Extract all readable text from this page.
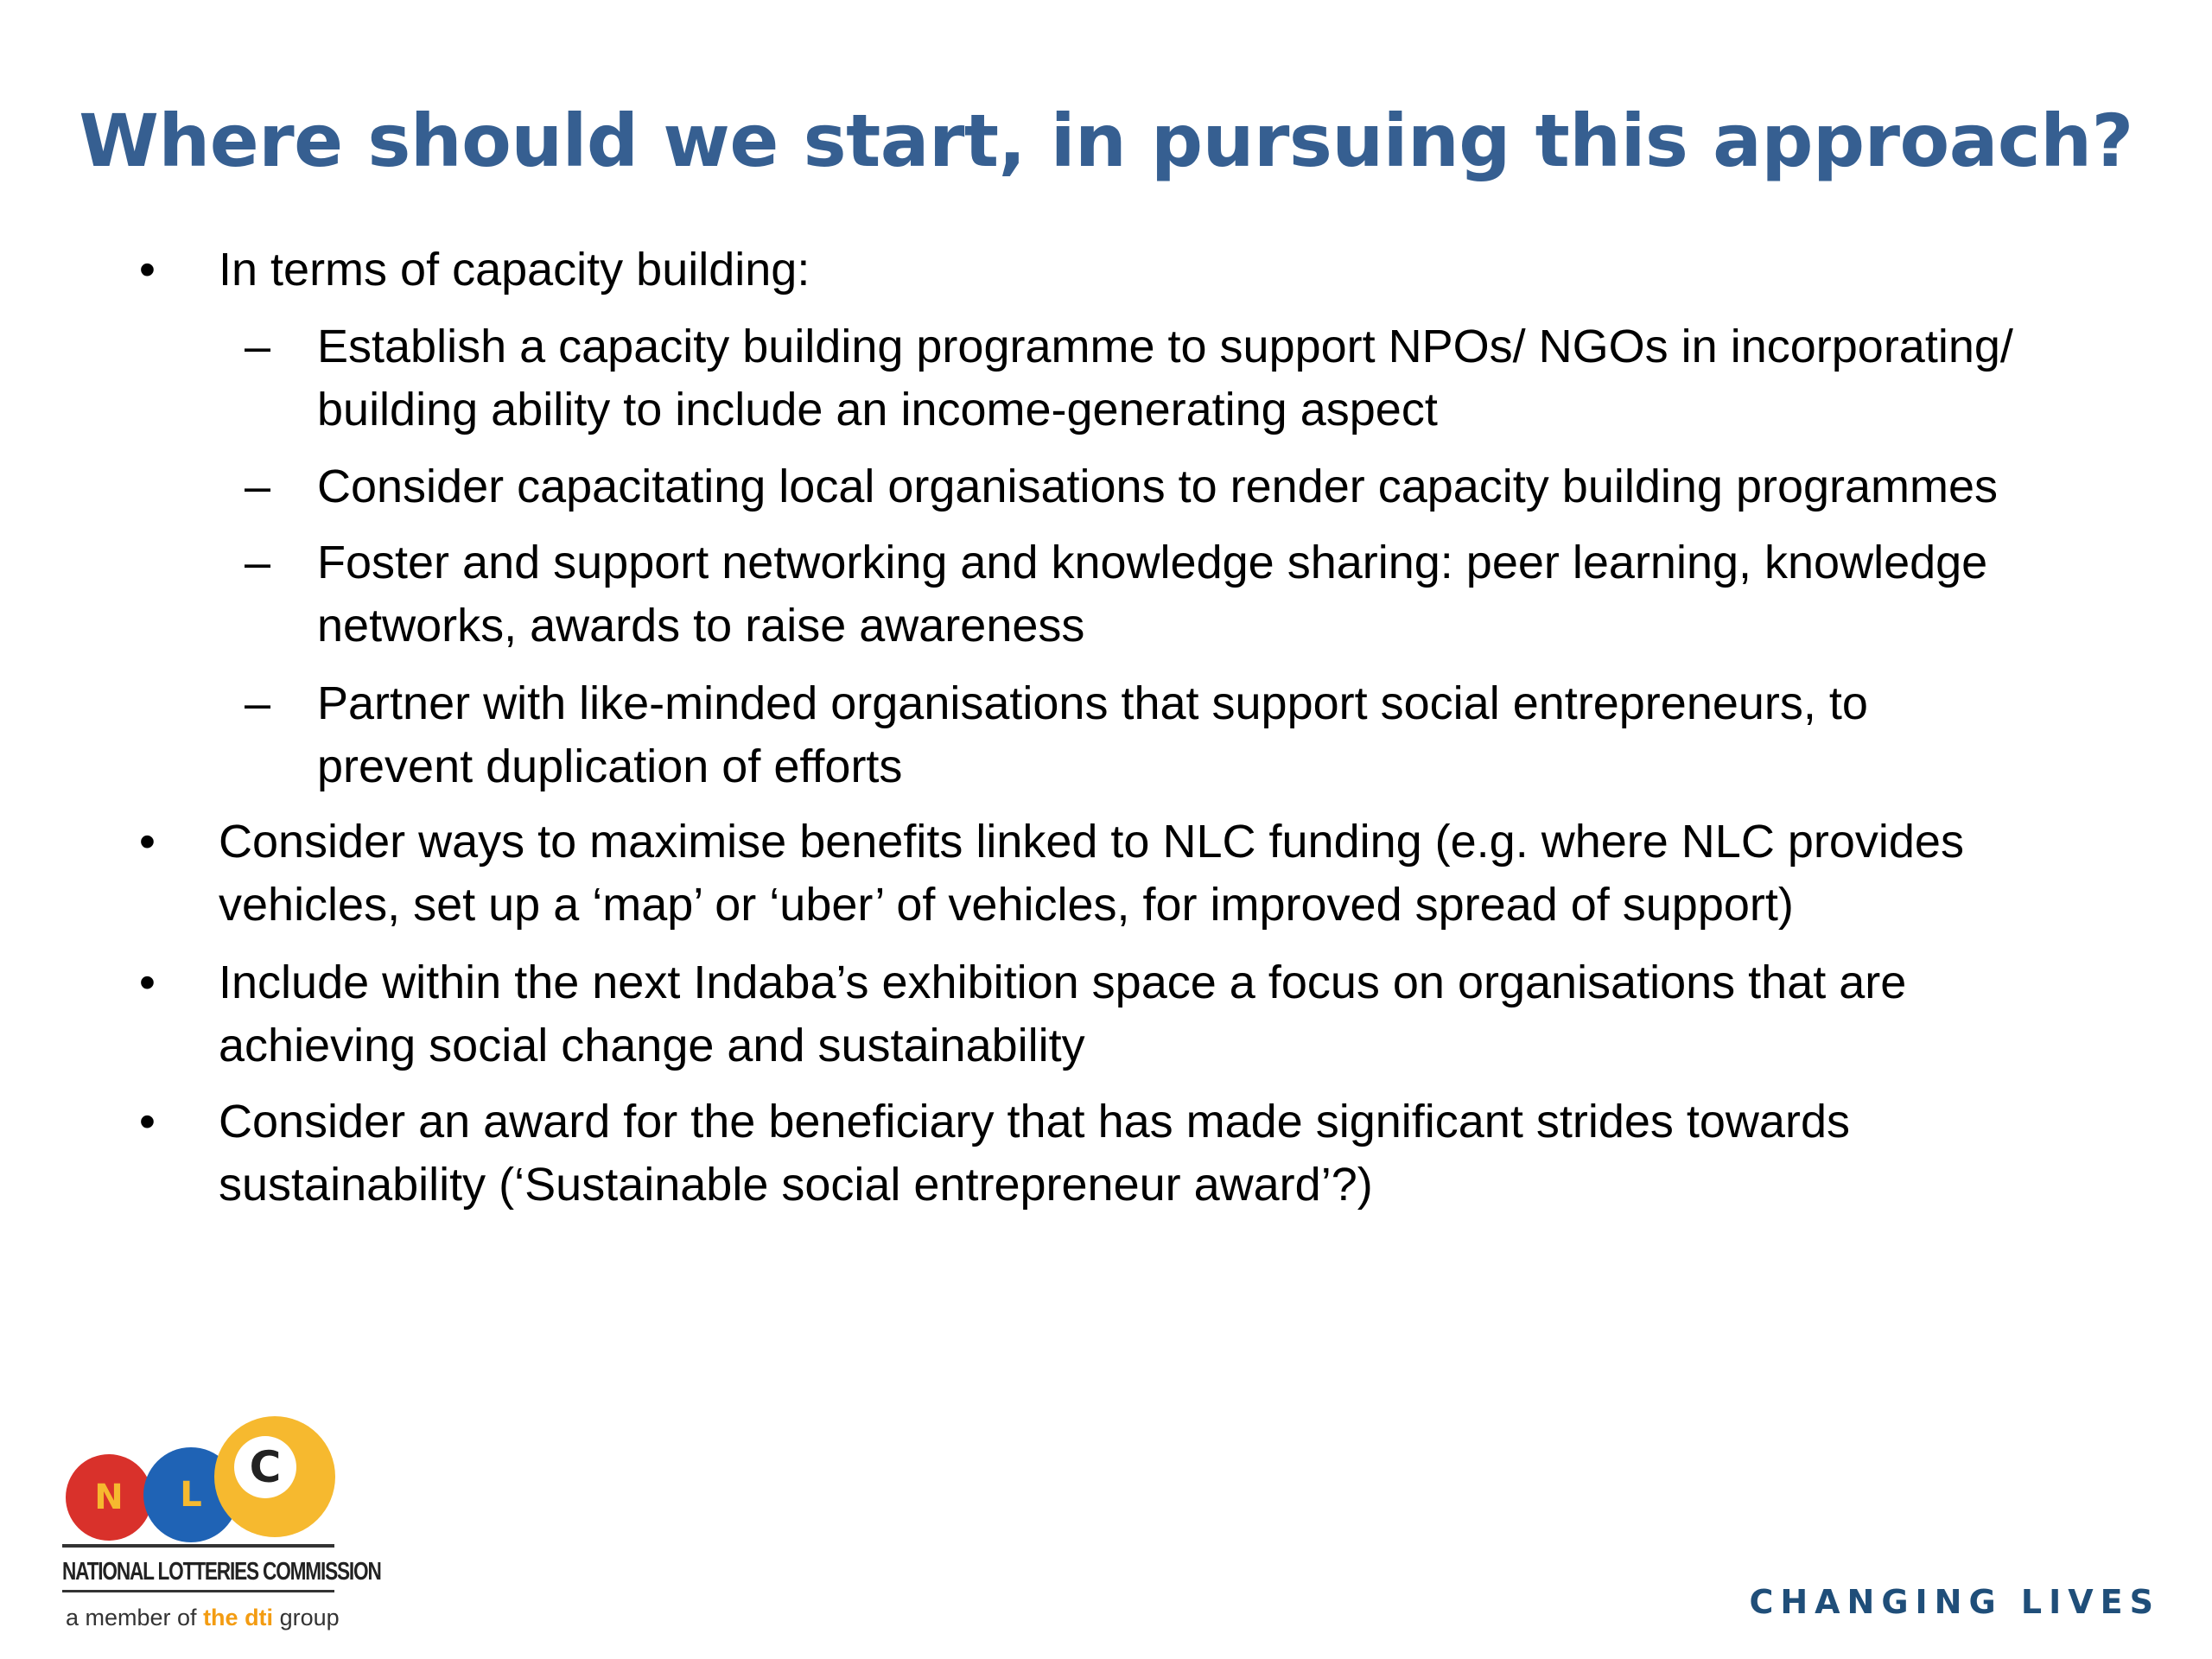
Where should we start, in pursuing this approach?
• In terms of capacity building:
– Establish a capacity building programme to support NPOs/ NGOs in incorporating/
building ability to include an income-generating aspect
– Consider capacitating local organisations to render capacity building programmes
– Foster and support networking and knowledge sharing: peer learning, knowledge
networks, awards to raise awareness
– Partner with like-minded organisations that support social entrepreneurs, to
prevent duplication of efforts
• Consider ways to maximise benefits linked to NLC funding (e.g. where NLC provides
vehicles, set up a ‘map’ or ‘uber’ of vehicles, for improved spread of support)
• Include within the next Indaba’s exhibition space a focus on organisations that are
achieving social change and sustainability
• Consider an award for the beneficiary that has made significant strides towards
sustainability (‘Sustainable social entrepreneur award’?)
N	L
C
NATIONAL LOTTERIES COMMISSION
a member of the dti group	CHANGING LIVES
